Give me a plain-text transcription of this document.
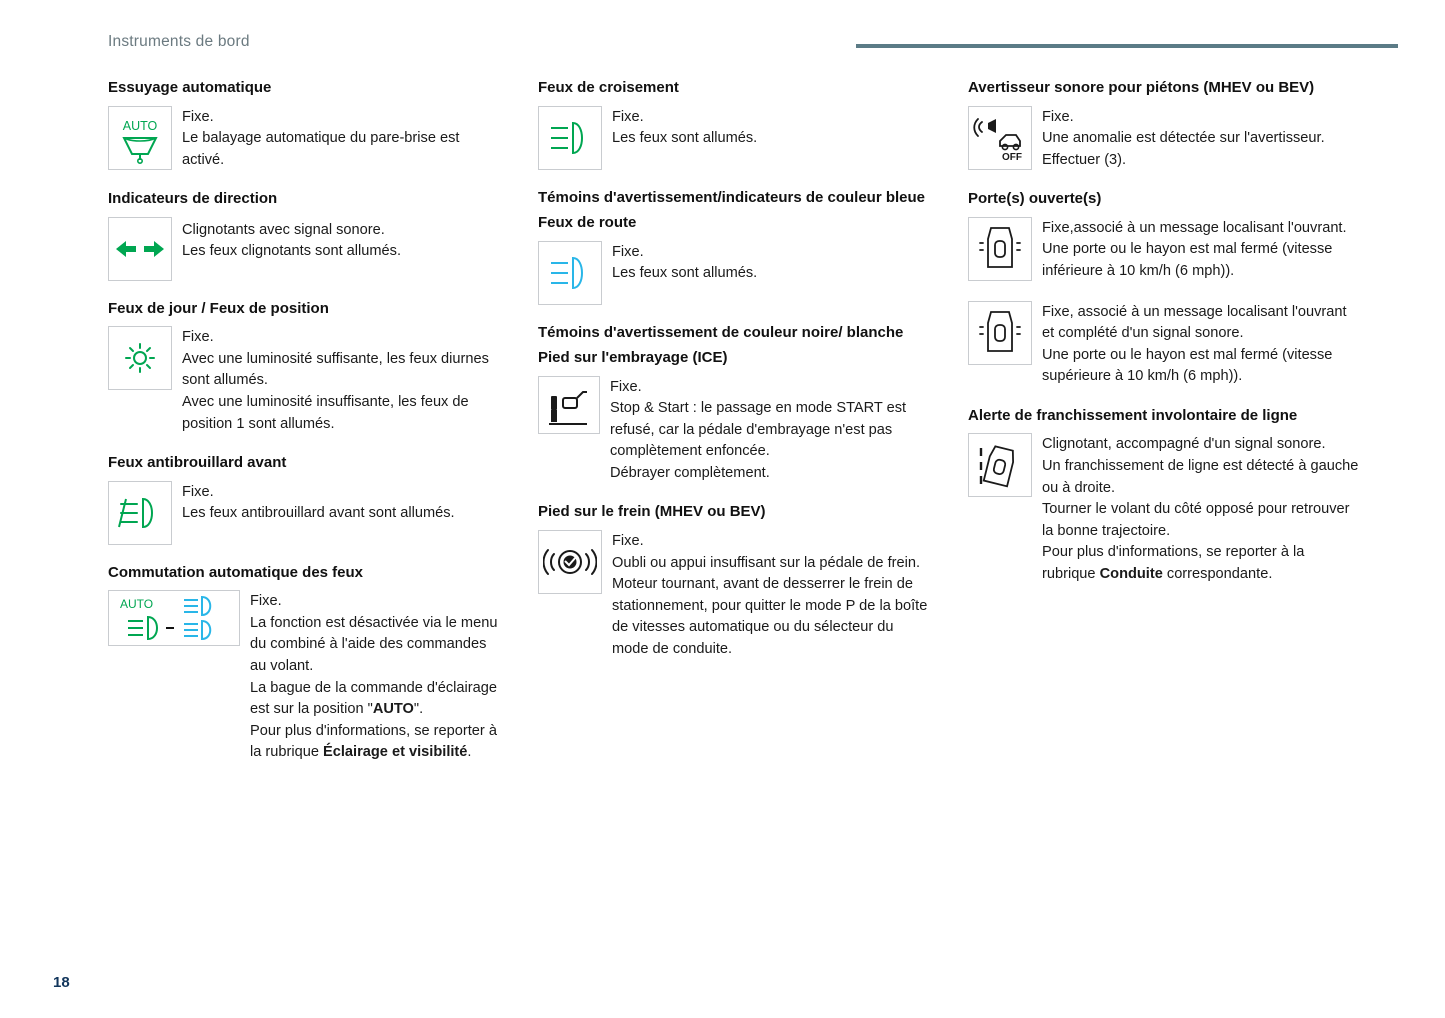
Instruments de bord
Essuyage automatique
AUTO

Fixe.

Le balayage automatique du pare-brise est activé.

Indicateurs de direction

Clignotants avec signal sonore.

Les feux clignotants sont allumés.

Feux de jour / Feux de position

Fixe.

Avec une luminosité suffisante, les feux diurnes sont allumés.

Avec une luminosité insuffisante, les feux de position 1 sont allumés.

Feux antibrouillard avant

Fixe.

Les feux antibrouillard avant sont allumés.

Commutation automatique des feux
AUTO	Fixe.

La fonction est désactivée via le menu du combiné à l'aide des commandes au volant.

La bague de la commande d'éclairage est sur la position "AUTO".

Pour plus d'informations, se reporter à la rubrique Éclairage et visibilité.

Feux de croisement

Fixe.

Les feux sont allumés.

Témoins d'avertissement/indicateurs de couleur bleue
Feux de route

Fixe.

Les feux sont allumés.

Témoins d'avertissement de couleur noire/ blanche
Pied sur l'embrayage (ICE)

Fixe.

Stop & Start : le passage en mode START est refusé, car la pédale d'embrayage n'est pas complètement enfoncée.

Débrayer complètement.

Pied sur le frein (MHEV ou BEV)

Fixe.

Oubli ou appui insuffisant sur la pédale de frein.

Moteur tournant, avant de desserrer le frein de stationnement, pour quitter le mode P de la boîte de vitesses automatique ou du sélecteur du mode de conduite.

Avertisseur sonore pour piétons (MHEV ou BEV)
OFF

Fixe.

Une anomalie est détectée sur l'avertisseur.

Effectuer (3).

Porte(s) ouverte(s)

Fixe,associé à un message localisant l'ouvrant.

Une porte ou le hayon est mal fermé (vitesse inférieure à 10 km/h (6 mph)).

Fixe, associé à un message localisant l'ouvrant et complété d'un signal sonore.

Une porte ou le hayon est mal fermé (vitesse supérieure à 10 km/h (6 mph)).

Alerte de franchissement involontaire de ligne

Clignotant, accompagné d'un signal sonore.

Un franchissement de ligne est détecté à gauche ou à droite.

Tourner le volant du côté opposé pour retrouver la bonne trajectoire.

Pour plus d'informations, se reporter à la rubrique Conduite correspondante.

18
